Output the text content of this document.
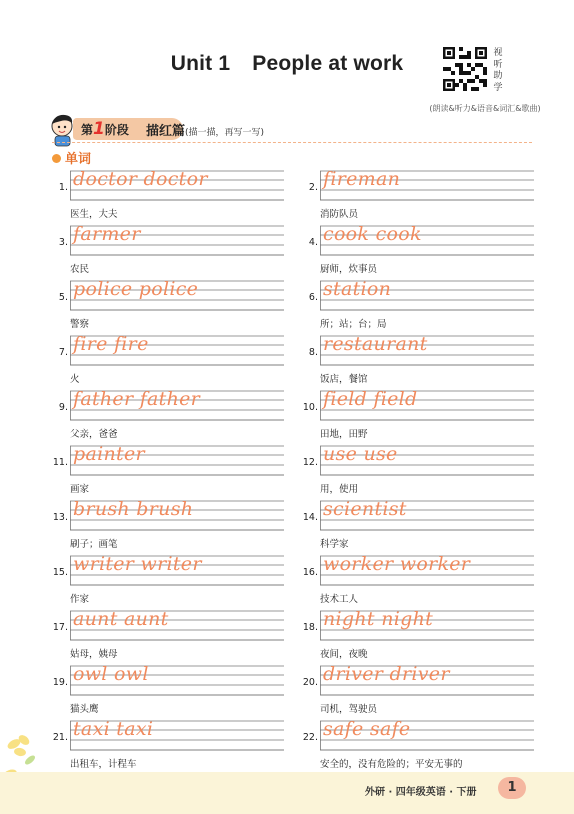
Unit 1 People at work	视
听
助
学
(朗读&听力&语音&词汇&歌曲)
第1阶段	描红篇(描一描，再写一写)
单词
1. doctor doctor
医生，大夫
2. fireman
消防队员
3. farmer
农民
4. cook cook
厨师，炊事员
5. police police
警察
6. station
所；站；台；局
7. fire fire
火
8. restaurant
饭店，餐馆
9. father father
父亲，爸爸
10. field field
田地，田野
11. painter
画家
12. use use
用，使用
13. brush brush
刷子；画笔
14. scientist
科学家
15. writer writer
作家
16. worker worker
技术工人
17. aunt aunt
姑母，姨母
18. night night
夜间，夜晚
19. owl owl
猫头鹰
20. driver driver
司机，驾驶员
21. taxi taxi
出租车，计程车
22. safe safe
安全的，没有危险的；平安无事的
外研 · 四年级英语 · 下册	1
